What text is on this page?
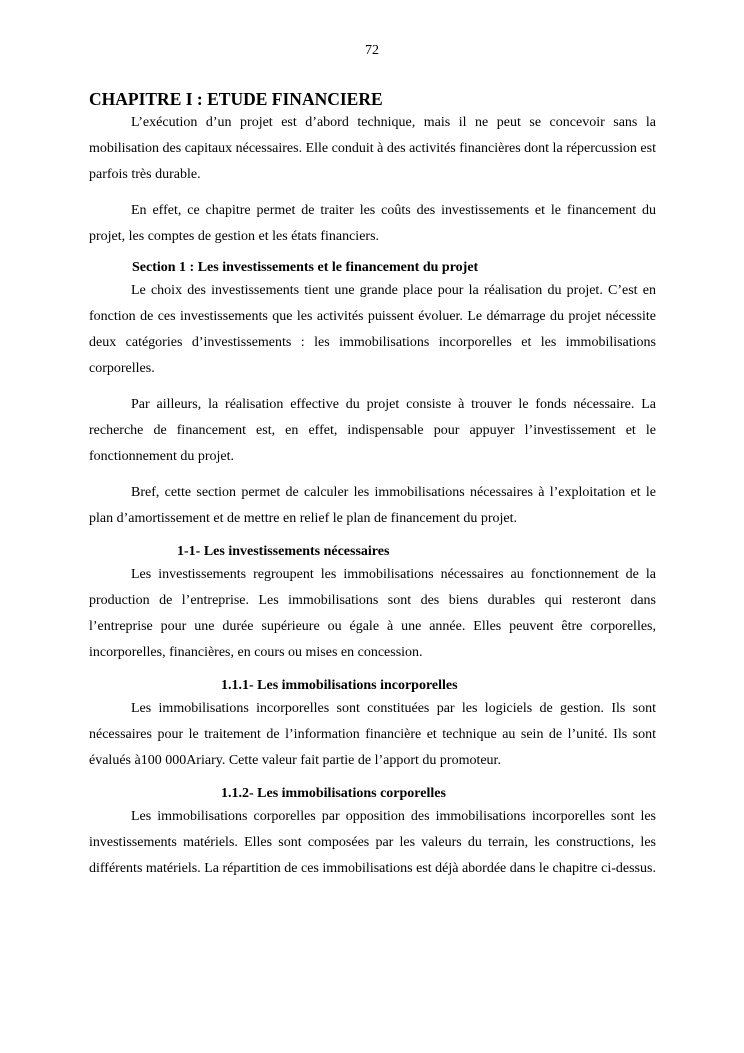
72
CHAPITRE I : ETUDE FINANCIERE

L’exécution d’un projet est d’abord technique, mais il ne peut se concevoir sans la mobilisation des capitaux nécessaires. Elle conduit à des activités financières dont la répercussion est parfois très durable.

En effet, ce chapitre permet de traiter les coûts des investissements et le financement du projet, les comptes de gestion et les états financiers.

Section 1 : Les investissements et le financement du projet

Le choix des investissements tient une grande place pour la réalisation du projet. C’est en fonction de ces investissements que les activités puissent évoluer. Le démarrage du projet nécessite deux catégories d’investissements : les immobilisations incorporelles et les immobilisations corporelles.

Par ailleurs, la réalisation effective du projet consiste à trouver le fonds nécessaire. La recherche de financement est, en effet, indispensable pour appuyer l’investissement et le fonctionnement du projet.

Bref, cette section permet de calculer les immobilisations nécessaires à l’exploitation et le plan d’amortissement et de mettre en relief le plan de financement du projet.

1-1- Les investissements nécessaires

Les investissements regroupent les immobilisations nécessaires au fonctionnement de la production de l’entreprise. Les immobilisations sont des biens durables qui resteront dans l’entreprise pour une durée supérieure ou égale à une année. Elles peuvent être corporelles, incorporelles, financières, en cours ou mises en concession.

1.1.1- Les immobilisations incorporelles

Les immobilisations incorporelles sont constituées par les logiciels de gestion. Ils sont nécessaires pour le traitement de l’information financière et technique au sein de l’unité. Ils sont évalués à100 000Ariary. Cette valeur fait partie de l’apport du promoteur.

1.1.2- Les immobilisations corporelles

Les immobilisations corporelles par opposition des immobilisations incorporelles sont les investissements matériels. Elles sont composées par les valeurs du terrain, les constructions, les différents matériels. La répartition de ces immobilisations est déjà abordée dans le chapitre ci-dessus.
